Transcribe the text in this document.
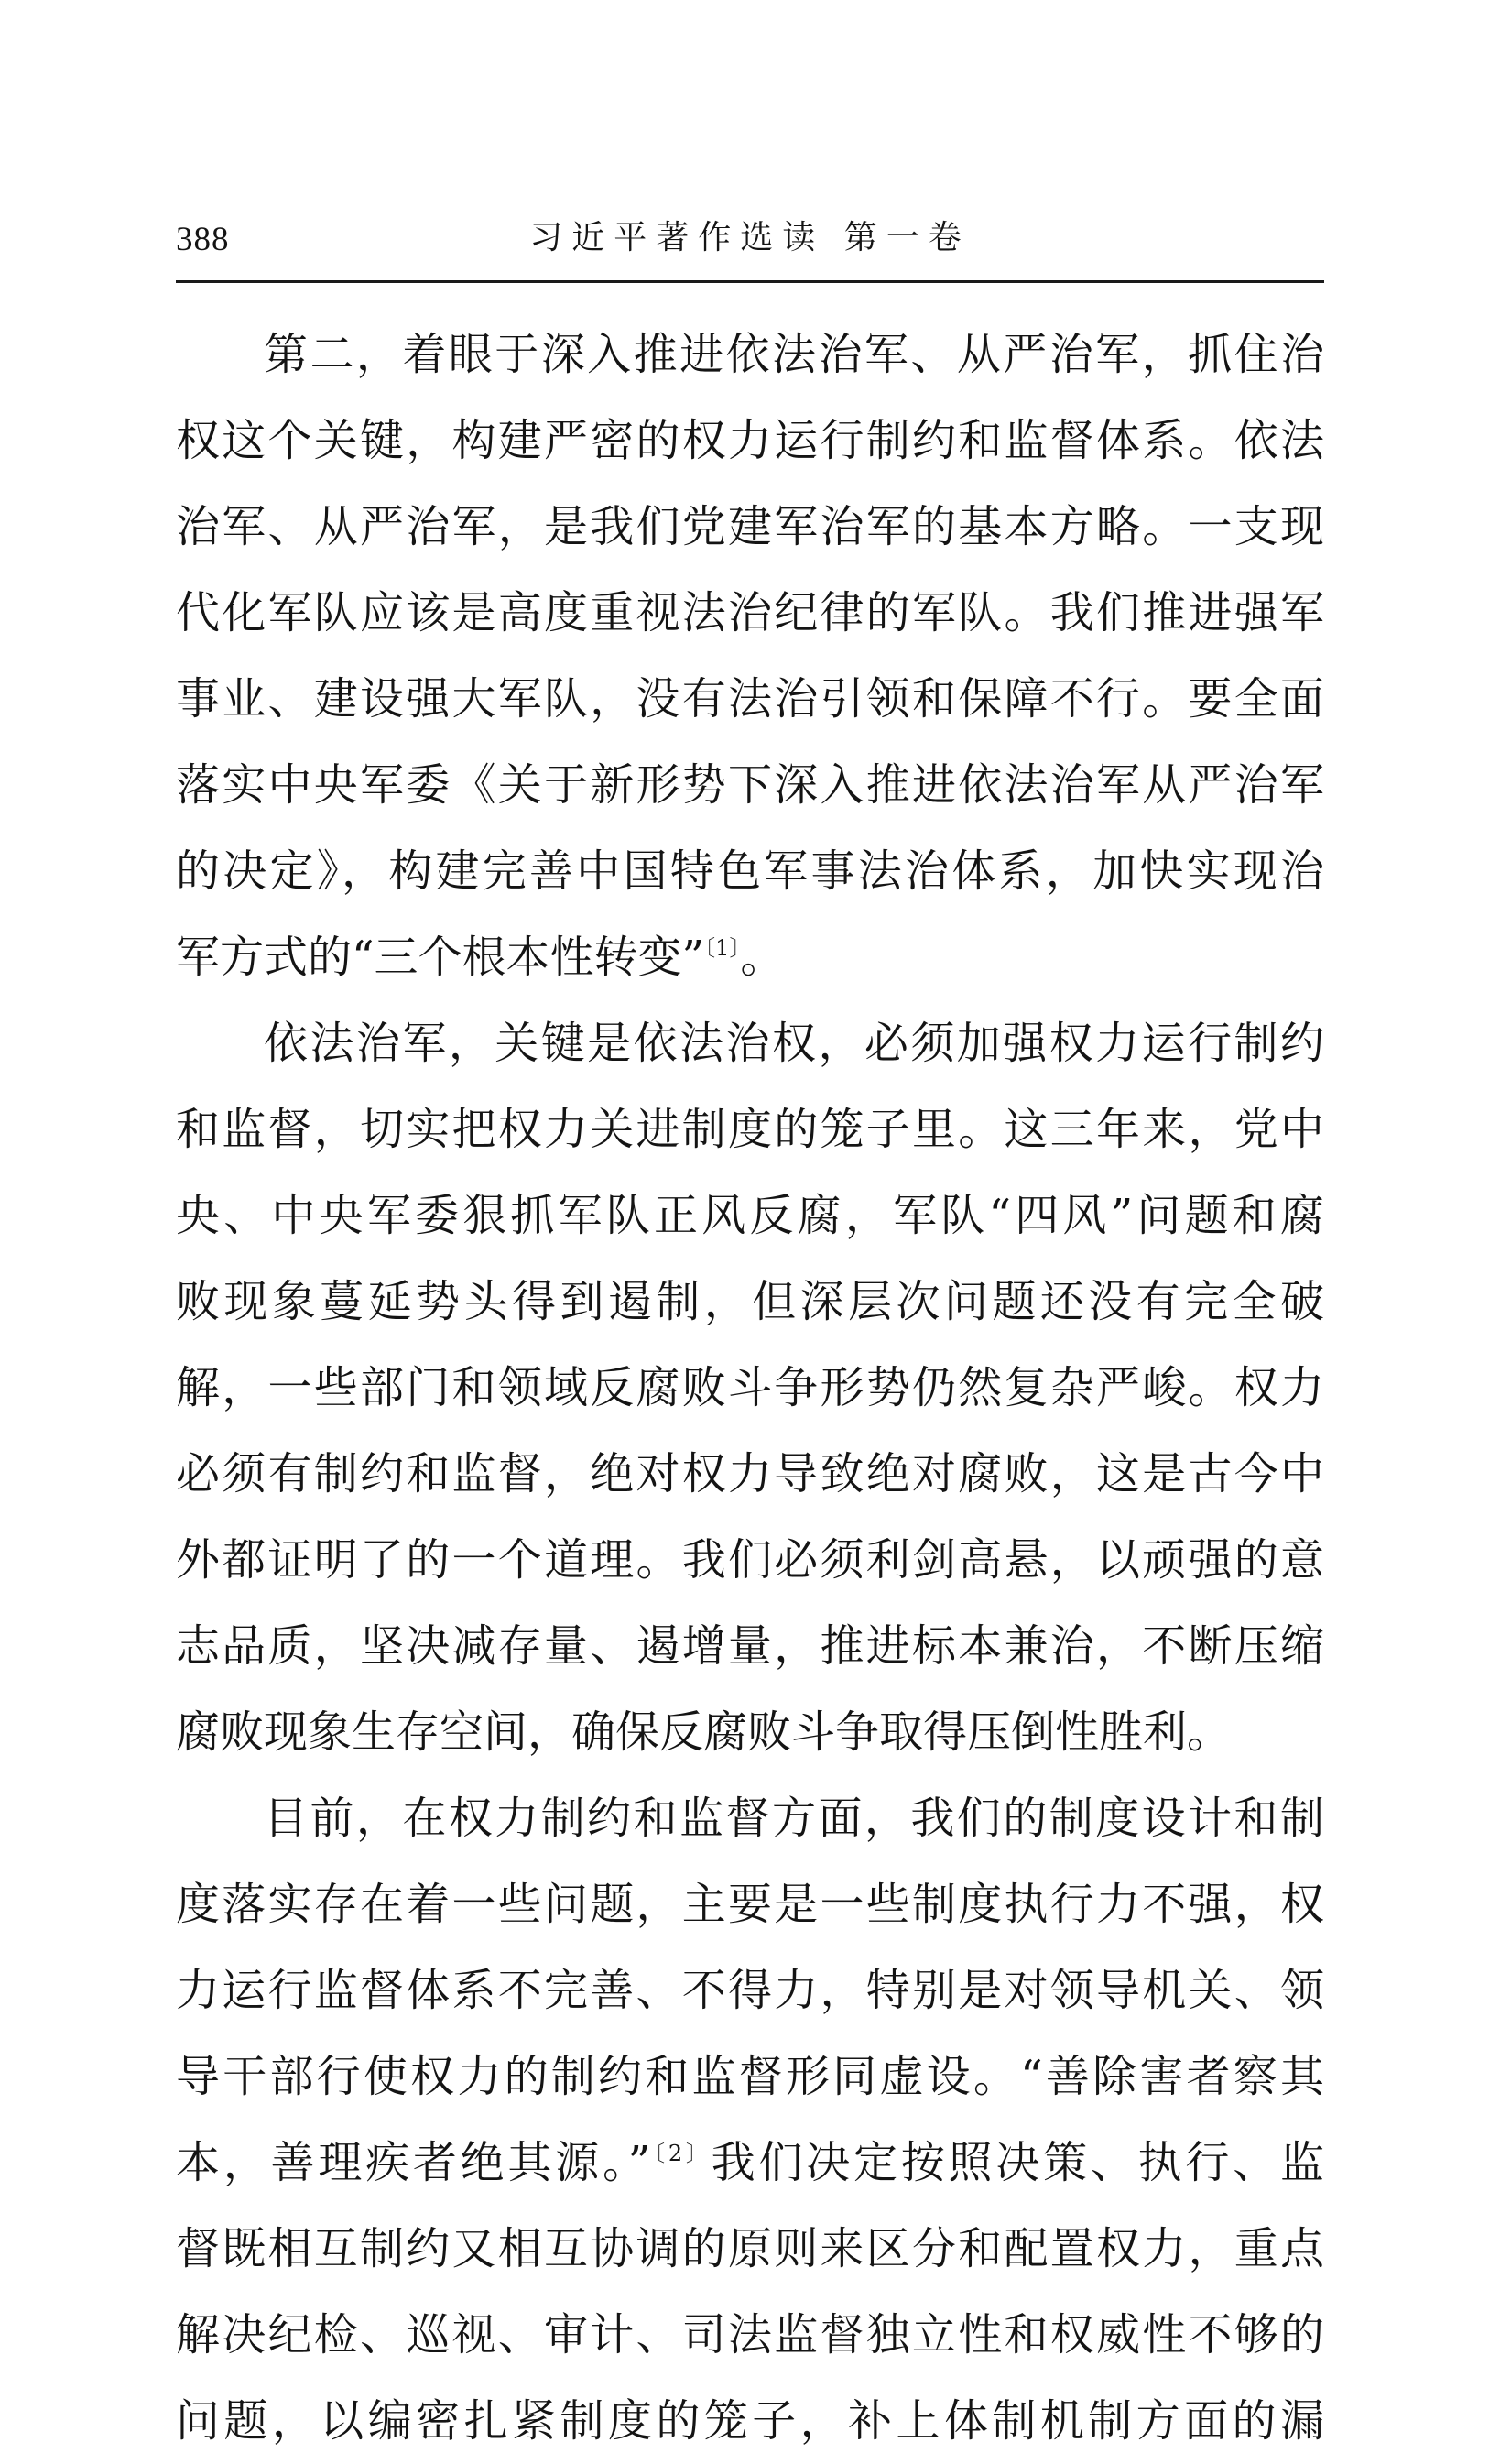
388	习近平著作选读 第一卷
第二，着眼于深入推进依法治军、从严治军，抓住治
权这个关键，构建严密的权力运行制约和监督体系。依法
治军、从严治军，是我们党建军治军的基本方略。一支现
代化军队应该是高度重视法治纪律的军队。我们推进强军
事业、建设强大军队，没有法治引领和保障不行。要全面
落实中央军委《关于新形势下深入推进依法治军从严治军
的决定》，构建完善中国特色军事法治体系，加快实现治
军方式的“三个根本性转变”$^{〔1〕}$。
依法治军，关键是依法治权，必须加强权力运行制约
和监督，切实把权力关进制度的笼子里。这三年来，党中
央、中央军委狠抓军队正风反腐，军队“四风”问题和腐
败现象蔓延势头得到遏制，但深层次问题还没有完全破
解，一些部门和领域反腐败斗争形势仍然复杂严峻。权力
必须有制约和监督，绝对权力导致绝对腐败，这是古今中
外都证明了的一个道理。我们必须利剑高悬，以顽强的意
志品质，坚决减存量、遏增量，推进标本兼治，不断压缩
腐败现象生存空间，确保反腐败斗争取得压倒性胜利。
目前，在权力制约和监督方面，我们的制度设计和制
度落实存在着一些问题，主要是一些制度执行力不强，权
力运行监督体系不完善、不得力，特别是对领导机关、领
导干部行使权力的制约和监督形同虚设。“善除害者察其
本，善理疾者绝其源。”$^{〔2〕}$我们决定按照决策、执行、监
督既相互制约又相互协调的原则来区分和配置权力，重点
解决纪检、巡视、审计、司法监督独立性和权威性不够的
问题，以编密扎紧制度的笼子，补上体制机制方面的漏
